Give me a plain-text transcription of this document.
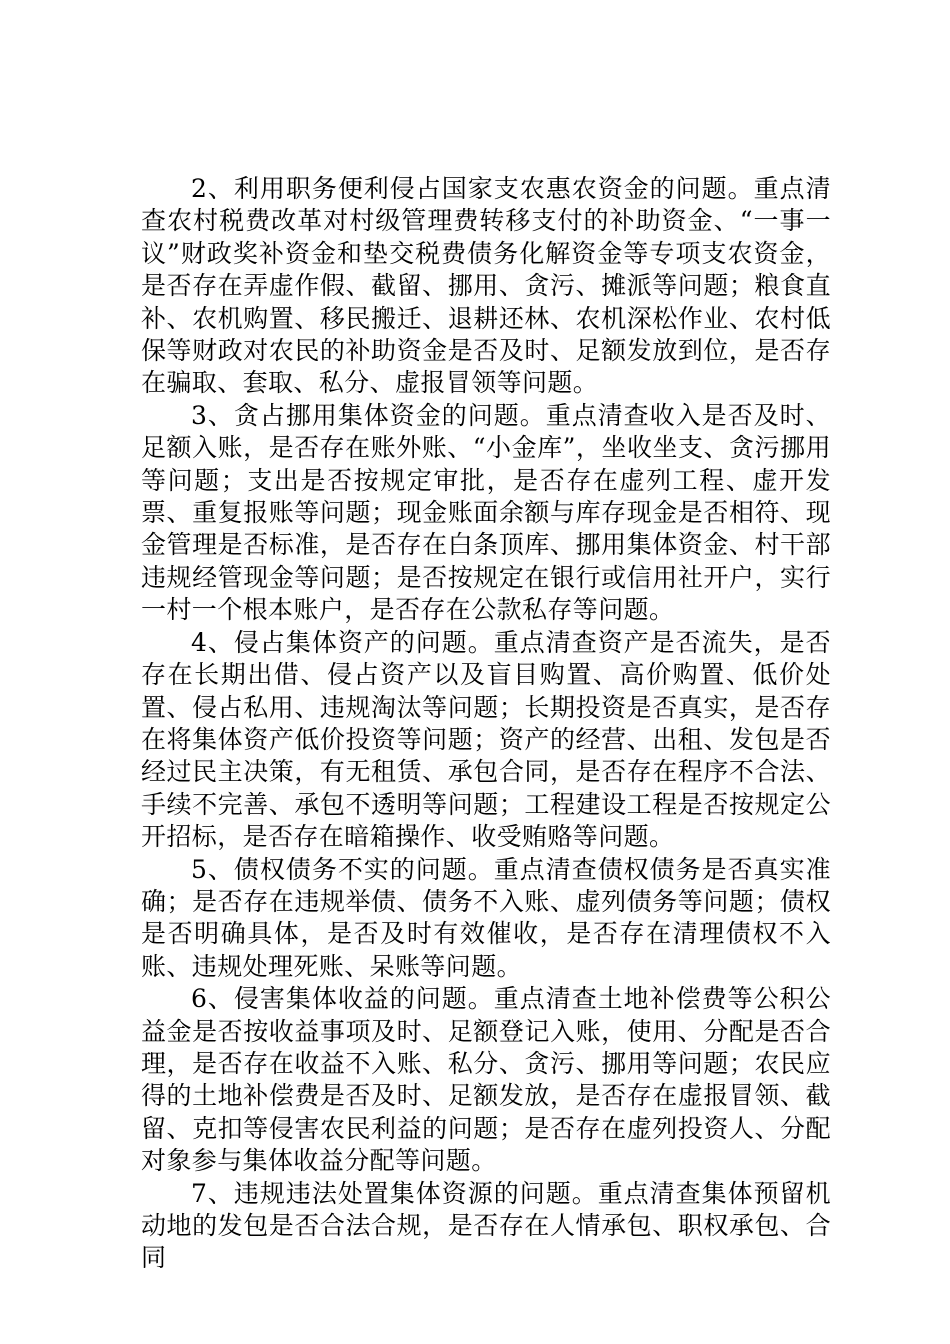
2、利用职务便利侵占国家支农惠农资金的问题。重点清查农村税费改革对村级管理费转移支付的补助资金、“一事一议”财政奖补资金和垫交税费债务化解资金等专项支农资金，是否存在弄虚作假、截留、挪用、贪污、摊派等问题；粮食直补、农机购置、移民搬迁、退耕还林、农机深松作业、农村低保等财政对农民的补助资金是否及时、足额发放到位，是否存在骗取、套取、私分、虚报冒领等问题。

3、贪占挪用集体资金的问题。重点清查收入是否及时、足额入账，是否存在账外账、“小金库”，坐收坐支、贪污挪用等问题；支出是否按规定审批，是否存在虚列工程、虚开发票、重复报账等问题；现金账面余额与库存现金是否相符、现金管理是否标准，是否存在白条顶库、挪用集体资金、村干部违规经管现金等问题；是否按规定在银行或信用社开户，实行一村一个根本账户，是否存在公款私存等问题。

4、侵占集体资产的问题。重点清查资产是否流失，是否存在长期出借、侵占资产以及盲目购置、高价购置、低价处置、侵占私用、违规淘汰等问题；长期投资是否真实，是否存在将集体资产低价投资等问题；资产的经营、出租、发包是否经过民主决策，有无租赁、承包合同，是否存在程序不合法、手续不完善、承包不透明等问题；工程建设工程是否按规定公开招标，是否存在暗箱操作、收受贿赂等问题。

5、债权债务不实的问题。重点清查债权债务是否真实准确；是否存在违规举债、债务不入账、虚列债务等问题；债权是否明确具体，是否及时有效催收，是否存在清理债权不入账、违规处理死账、呆账等问题。

6、侵害集体收益的问题。重点清查土地补偿费等公积公益金是否按收益事项及时、足额登记入账，使用、分配是否合理，是否存在收益不入账、私分、贪污、挪用等问题；农民应得的土地补偿费是否及时、足额发放，是否存在虚报冒领、截留、克扣等侵害农民利益的问题；是否存在虚列投资人、分配对象参与集体收益分配等问题。

7、违规违法处置集体资源的问题。重点清查集体预留机动地的发包是否合法合规，是否存在人情承包、职权承包、合同
